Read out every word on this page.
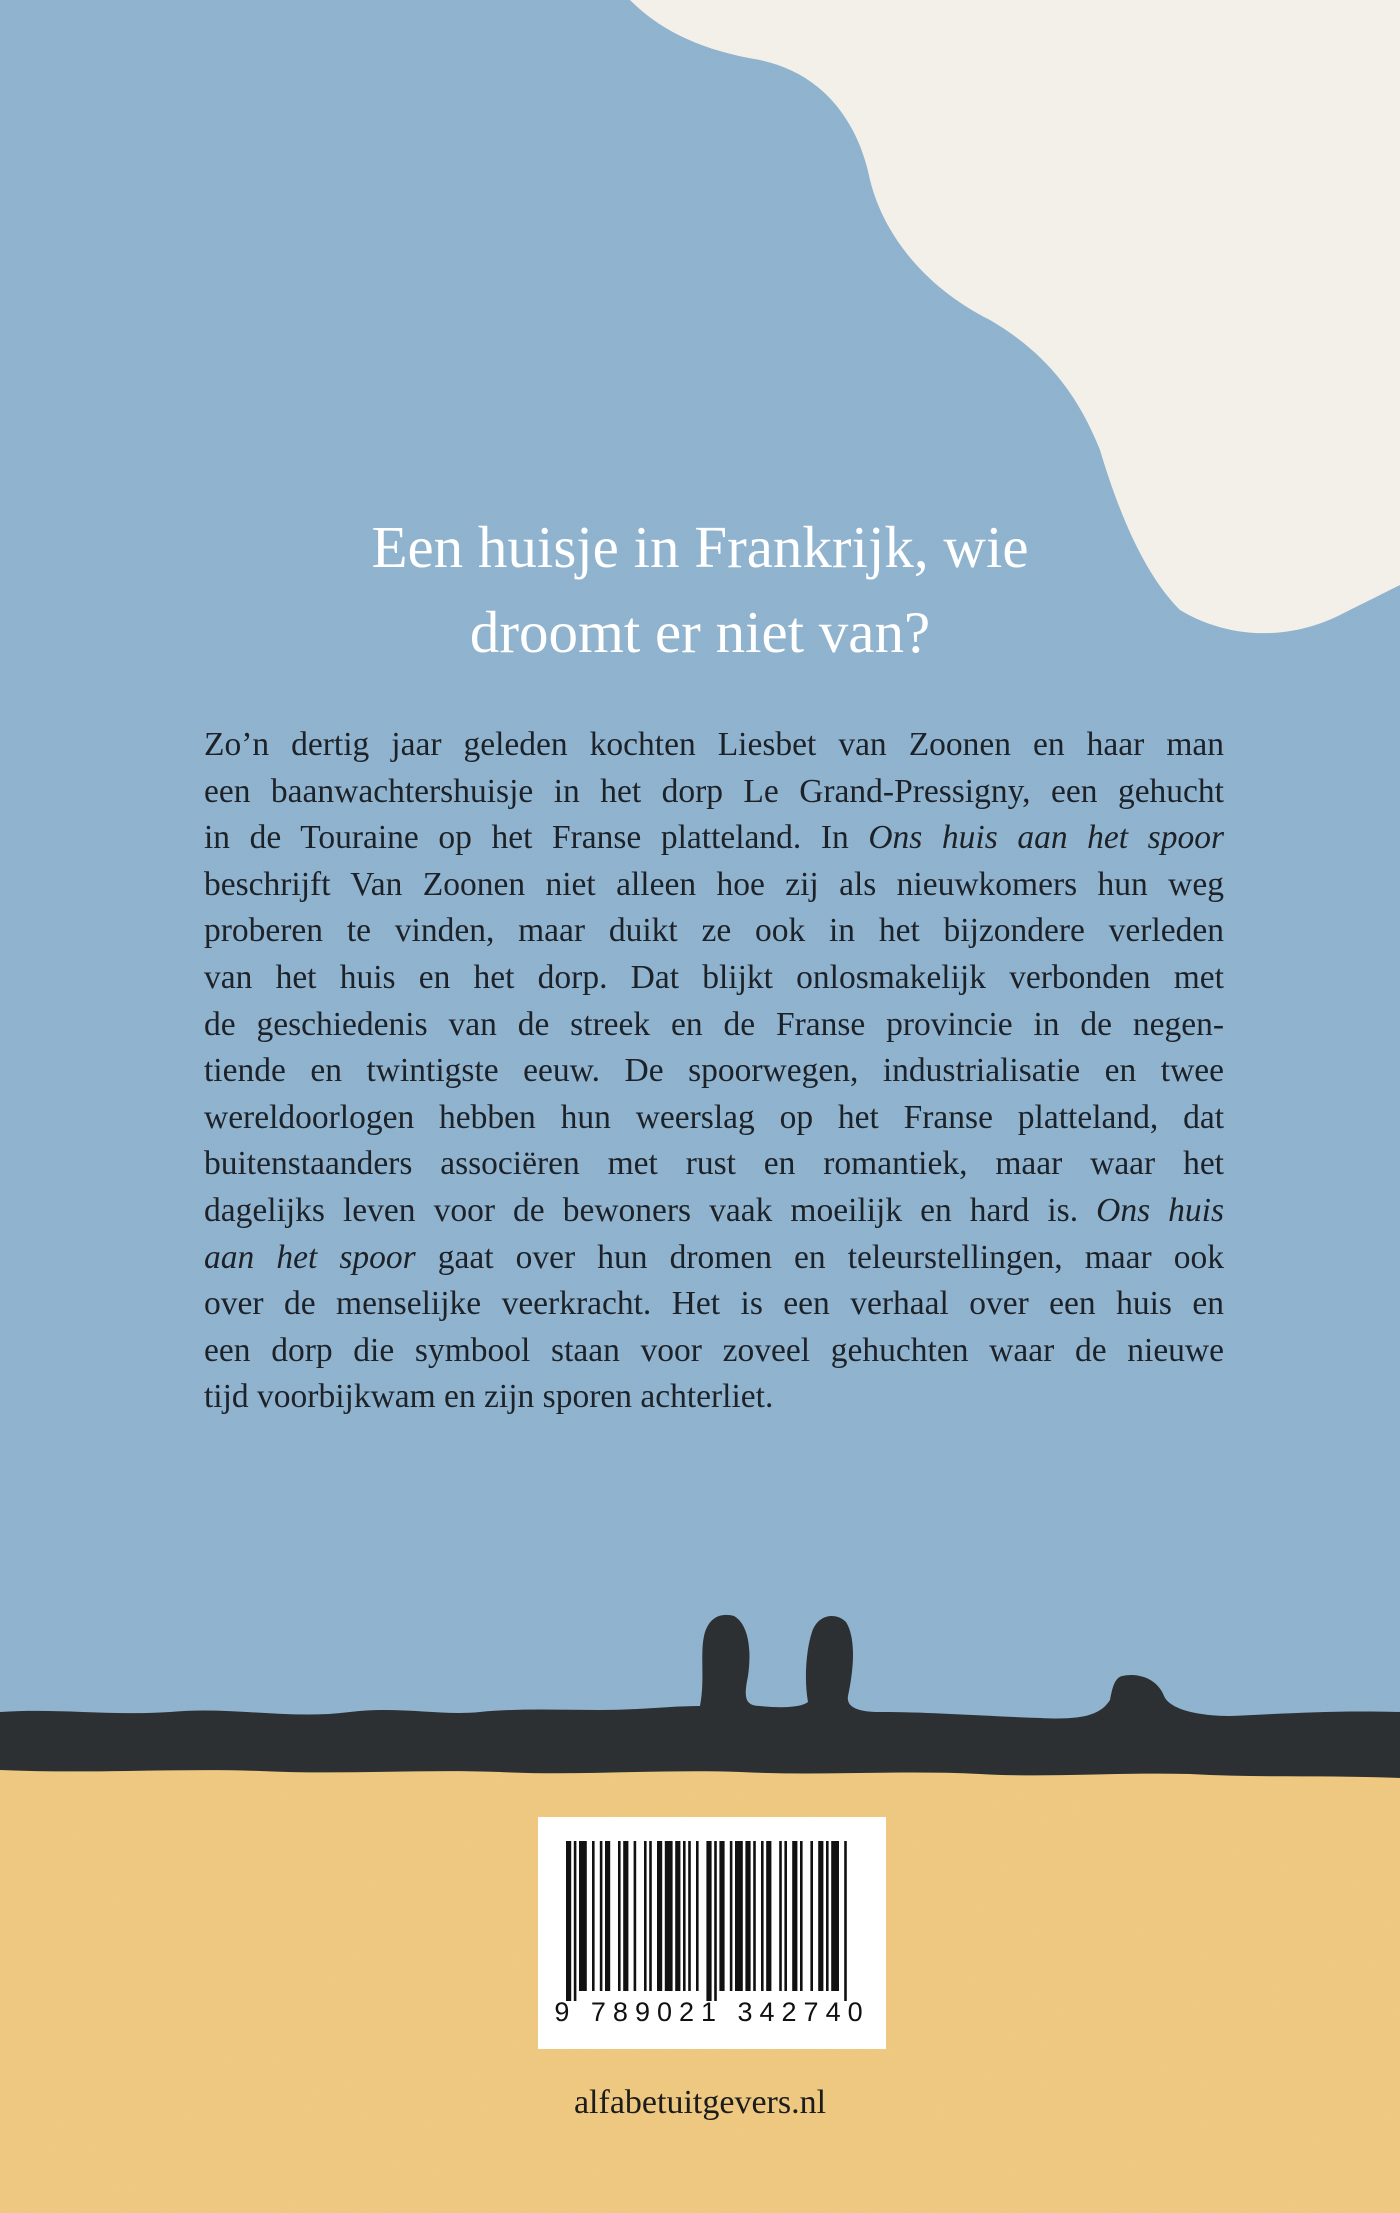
Een huisje in Frankrijk, wie
droomt er niet van?
Zo’n dertig jaar geleden kochten Liesbet van Zoonen en haar man
een baanwachtershuisje in het dorp Le Grand-Pressigny, een gehucht
in de Touraine op het Franse platteland. In Ons huis aan het spoor
beschrijft Van Zoonen niet alleen hoe zij als nieuwkomers hun weg
proberen te vinden, maar duikt ze ook in het bijzondere verleden
van het huis en het dorp. Dat blijkt onlosmakelijk verbonden met
de geschiedenis van de streek en de Franse provincie in de negen-
tiende en twintigste eeuw. De spoorwegen, industrialisatie en twee
wereldoorlogen hebben hun weerslag op het Franse platteland, dat
buitenstaanders associëren met rust en romantiek, maar waar het
dagelijks leven voor de bewoners vaak moeilijk en hard is. Ons huis
aan het spoor gaat over hun dromen en teleurstellingen, maar ook
over de menselijke veerkracht. Het is een verhaal over een huis en
een dorp die symbool staan voor zoveel gehuchten waar de nieuwe
tijd voorbijkwam en zijn sporen achterliet.
9 789021 342740
alfabetuitgevers.nl
